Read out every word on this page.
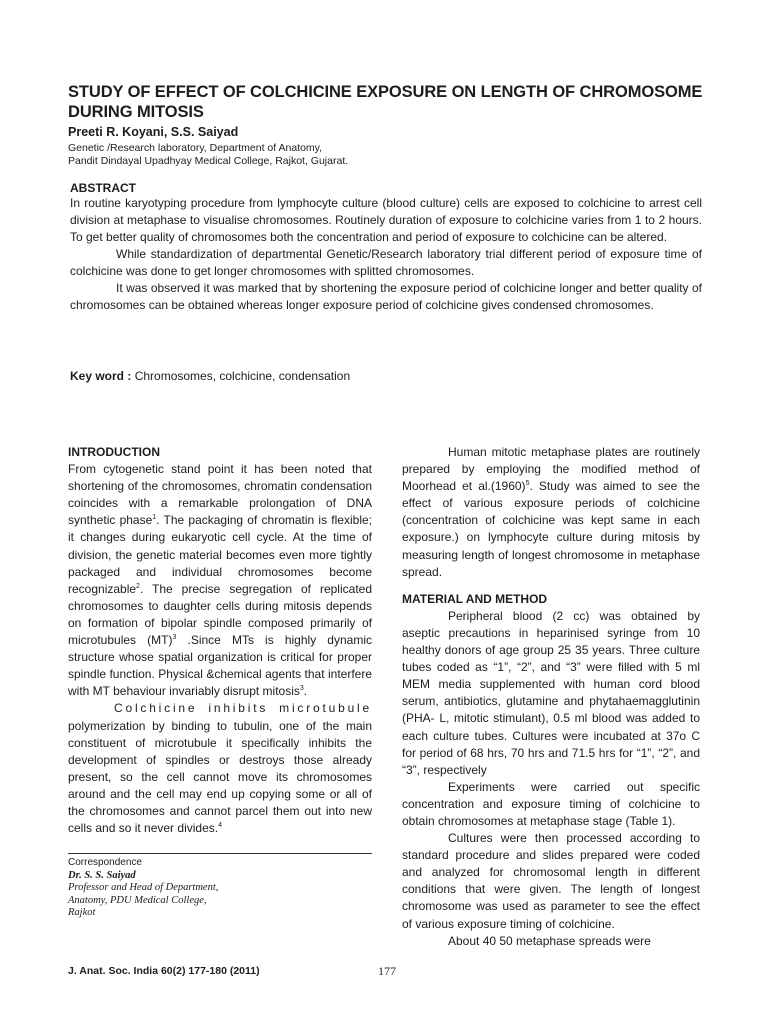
STUDY OF EFFECT OF COLCHICINE EXPOSURE ON LENGTH OF CHROMOSOME DURING MITOSIS
Preeti R. Koyani, S.S. Saiyad
Genetic /Research laboratory, Department of Anatomy,
Pandit Dindayal Upadhyay Medical College, Rajkot, Gujarat.
ABSTRACT

In routine karyotyping procedure from lymphocyte culture (blood culture) cells are exposed to colchicine to arrest cell division at metaphase to visualise chromosomes. Routinely duration of exposure to colchicine varies from 1 to 2 hours. To get better quality of chromosomes both the concentration and period of exposure to colchicine can be altered.

While standardization of departmental Genetic/Research laboratory trial different period of exposure time of colchicine was done to get longer chromosomes with splitted chromosomes.

It was observed it was marked that by shortening the exposure period of colchicine longer and better quality of chromosomes can be obtained whereas longer exposure period of colchicine gives condensed chromosomes.

Key word : Chromosomes, colchicine, condensation

INTRODUCTION

From cytogenetic stand point it has been noted that shortening of the chromosomes, chromatin condensation coincides with a remarkable prolongation of DNA synthetic phase$^1$. The packaging of chromatin is flexible; it changes during eukaryotic cell cycle. At the time of division, the genetic material becomes even more tightly packaged and individual chromosomes become recognizable$^2$. The precise segregation of replicated chromosomes to daughter cells during mitosis depends on formation of bipolar spindle composed primarily of microtubules (MT)$^3$ .Since MTs is highly dynamic structure whose spatial organization is critical for proper spindle function. Physical &chemical agents that interfere with MT behaviour invariably disrupt mitosis$^3$.

Colchicine inhibits microtubule polymerization by binding to tubulin, one of the main constituent of microtubule it specifically inhibits the development of spindles or destroys those already present, so the cell cannot move its chromosomes around and the cell may end up copying some or all of the chromosomes and cannot parcel them out into new cells and so it never divides.$^4$

Correspondence
Dr. S. S. Saiyad
Professor and Head of Department,
Anatomy, PDU Medical College,
Rajkot

Human mitotic metaphase plates are routinely prepared by employing the modified method of Moorhead et $al.(1960)^5$. Study was aimed to see the effect of various exposure periods of colchicine (concentration of colchicine was kept same in each exposure.) on lymphocyte culture during mitosis by measuring length of longest chromosome in metaphase spread.

MATERIAL AND METHOD

Peripheral blood (2 cc) was obtained by aseptic precautions in heparinised syringe from 10 healthy donors of age group 25 35 years. Three culture tubes coded as “1”, “2”, and “3” were filled with 5 ml MEM media supplemented with human cord blood serum, antibiotics, glutamine and phytahaemagglutinin (PHA- L, mitotic stimulant), 0.5 ml blood was added to each culture tubes. Cultures were incubated at 37o C for period of 68 hrs, 70 hrs and 71.5 hrs for “1”, “2”, and “3”, respectively

Experiments were carried out specific concentration and exposure timing of colchicine to obtain chromosomes at metaphase stage (Table 1).

Cultures were then processed according to standard procedure and slides prepared were coded and analyzed for chromosomal length in different conditions that were given. The length of longest chromosome was used as parameter to see the effect of various exposure timing of colchicine.

About 40 50 metaphase spreads were

J. Anat. Soc. India 60(2) 177-180 (2011)	177
